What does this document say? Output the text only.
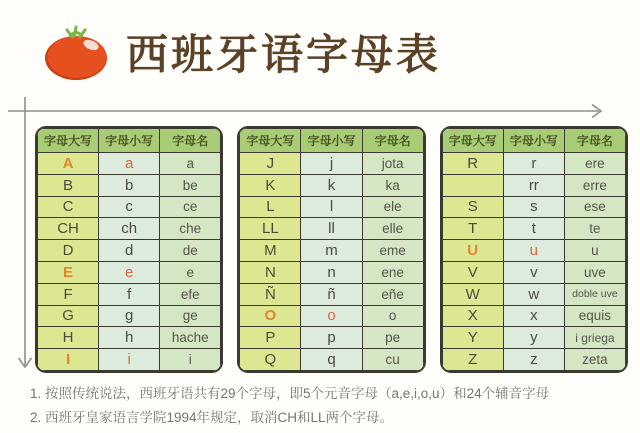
西班牙语字母表
字母大写	字母小写	字母名
A	a	a
B	b	be
C	c	ce
CH	ch	che
D	d	de
E	e	e
F	f	efe
G	g	ge
H	h	hache
I	i	i
字母大写	字母小写	字母名
J	j	jota
K	k	ka
L	l	ele
LL	ll	elle
M	m	eme
N	n	ene
Ñ	ñ	eñe
O	o	o
P	p	pe
Q	q	cu
字母大写	字母小写	字母名
R	r	ere
	rr	erre
S	s	ese
T	t	te
U	u	u
V	v	uve
W	w	doble uve
X	x	equis
Y	y	i griega
Z	z	zeta
1. 按照传统说法，西班牙语共有29个字母，即5个元音字母（a,e,i,o,u）和24个辅音字母
2. 西班牙皇家语言学院1994年规定，取消CH和LL两个字母。
